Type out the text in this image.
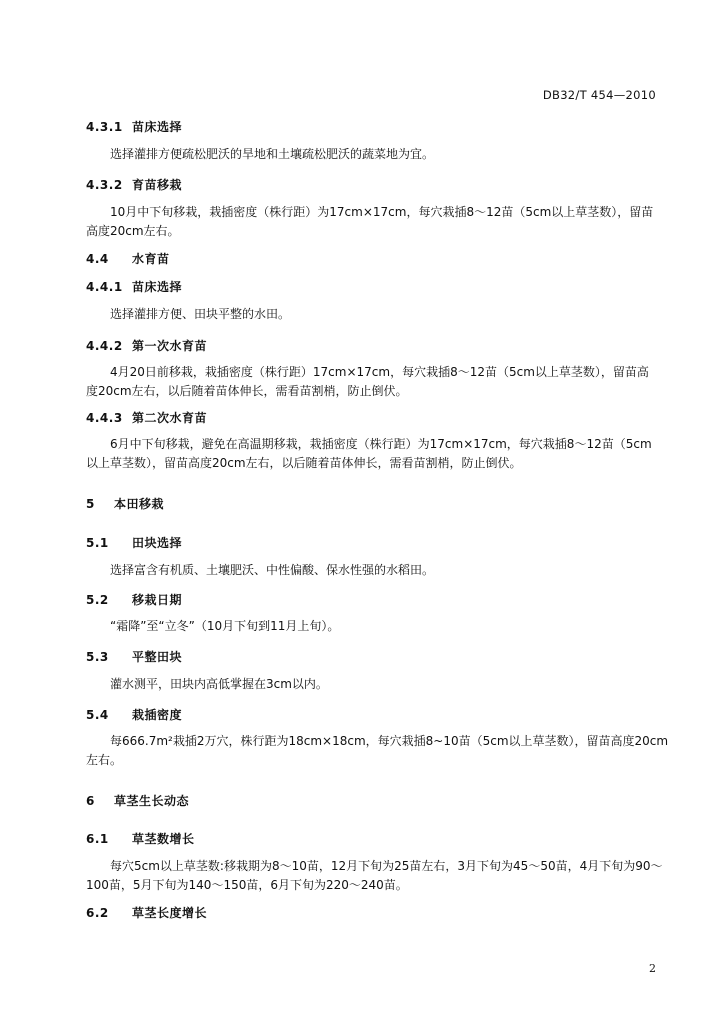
DB32/T 454—2010
4.3.1 苗床选择
选择灌排方便疏松肥沃的旱地和土壤疏松肥沃的蔬菜地为宜。
4.3.2 育苗移栽
10月中下旬移栽，栽插密度（株行距）为17cm×17cm，每穴栽插8～12苗（5cm以上草茎数），留苗
高度20cm左右。
4.4 水育苗
4.4.1 苗床选择
选择灌排方便、田块平整的水田。
4.4.2 第一次水育苗
4月20日前移栽，栽插密度（株行距）17cm×17cm，每穴栽插8～12苗（5cm以上草茎数），留苗高
度20cm左右，以后随着苗体伸长，需看苗割梢，防止倒伏。
4.4.3 第二次水育苗
6月中下旬移栽，避免在高温期移栽，栽插密度（株行距）为17cm×17cm，每穴栽插8～12苗（5cm
以上草茎数），留苗高度20cm左右，以后随着苗体伸长，需看苗割梢，防止倒伏。
5 本田移栽
5.1 田块选择
选择富含有机质、土壤肥沃、中性偏酸、保水性强的水稻田。
5.2 移栽日期
“霜降”至“立冬”（10月下旬到11月上旬）。
5.3 平整田块
灌水测平，田块内高低掌握在3cm以内。
5.4 栽插密度
每666.7m²栽插2万穴，株行距为18cm×18cm，每穴栽插8~10苗（5cm以上草茎数），留苗高度20cm
左右。
6 草茎生长动态
6.1 草茎数增长
每穴5cm以上草茎数:移栽期为8～10苗，12月下旬为25苗左右，3月下旬为45～50苗，4月下旬为90～
100苗，5月下旬为140～150苗，6月下旬为220～240苗。
6.2 草茎长度增长
2
